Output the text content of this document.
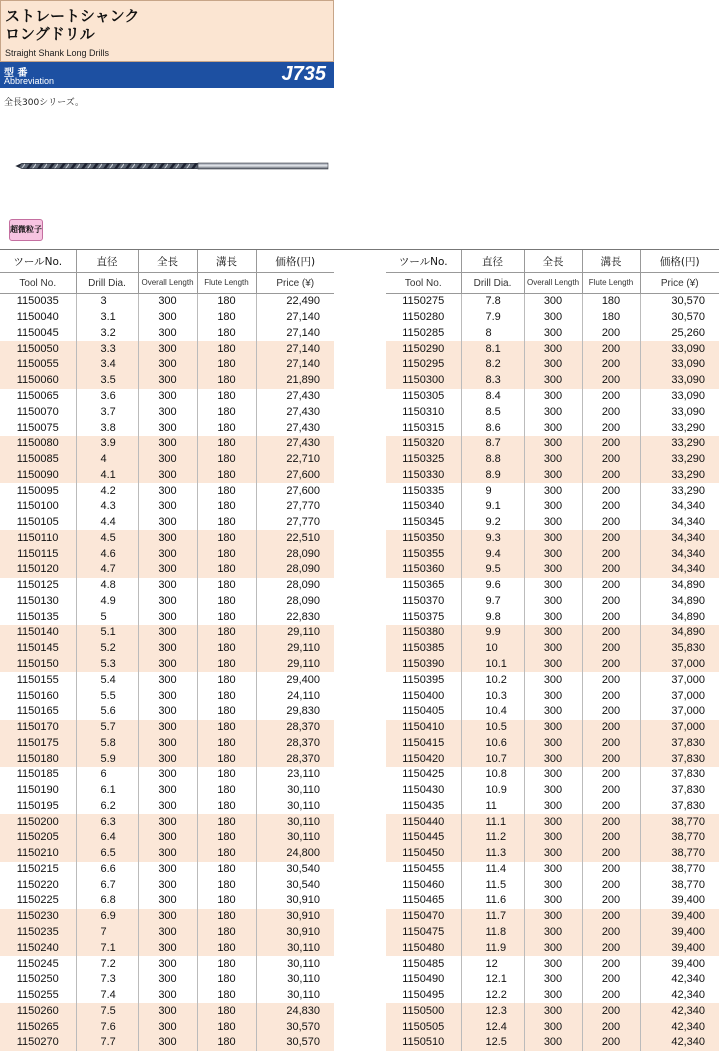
ストレートシャンク
ロングドリル
Straight Shank Long Drills
型 番
Abbreviation	J735
全長300シリーズ。
超微粒子
ツールNo.	直径	全長	溝長	価格(円)
Tool No.	Drill Dia.	Overall Length	Flute Length	Price (¥)
1150035	3	300	180	22,490
1150040	3.1	300	180	27,140
1150045	3.2	300	180	27,140
1150050	3.3	300	180	27,140
1150055	3.4	300	180	27,140
1150060	3.5	300	180	21,890
1150065	3.6	300	180	27,430
1150070	3.7	300	180	27,430
1150075	3.8	300	180	27,430
1150080	3.9	300	180	27,430
1150085	4	300	180	22,710
1150090	4.1	300	180	27,600
1150095	4.2	300	180	27,600
1150100	4.3	300	180	27,770
1150105	4.4	300	180	27,770
1150110	4.5	300	180	22,510
1150115	4.6	300	180	28,090
1150120	4.7	300	180	28,090
1150125	4.8	300	180	28,090
1150130	4.9	300	180	28,090
1150135	5	300	180	22,830
1150140	5.1	300	180	29,110
1150145	5.2	300	180	29,110
1150150	5.3	300	180	29,110
1150155	5.4	300	180	29,400
1150160	5.5	300	180	24,110
1150165	5.6	300	180	29,830
1150170	5.7	300	180	28,370
1150175	5.8	300	180	28,370
1150180	5.9	300	180	28,370
1150185	6	300	180	23,110
1150190	6.1	300	180	30,110
1150195	6.2	300	180	30,110
1150200	6.3	300	180	30,110
1150205	6.4	300	180	30,110
1150210	6.5	300	180	24,800
1150215	6.6	300	180	30,540
1150220	6.7	300	180	30,540
1150225	6.8	300	180	30,910
1150230	6.9	300	180	30,910
1150235	7	300	180	30,910
1150240	7.1	300	180	30,110
1150245	7.2	300	180	30,110
1150250	7.3	300	180	30,110
1150255	7.4	300	180	30,110
1150260	7.5	300	180	24,830
1150265	7.6	300	180	30,570
1150270	7.7	300	180	30,570
ツールNo.	直径	全長	溝長	価格(円)
Tool No.	Drill Dia.	Overall Length	Flute Length	Price (¥)
1150275	7.8	300	180	30,570
1150280	7.9	300	180	30,570
1150285	8	300	200	25,260
1150290	8.1	300	200	33,090
1150295	8.2	300	200	33,090
1150300	8.3	300	200	33,090
1150305	8.4	300	200	33,090
1150310	8.5	300	200	33,090
1150315	8.6	300	200	33,290
1150320	8.7	300	200	33,290
1150325	8.8	300	200	33,290
1150330	8.9	300	200	33,290
1150335	9	300	200	33,290
1150340	9.1	300	200	34,340
1150345	9.2	300	200	34,340
1150350	9.3	300	200	34,340
1150355	9.4	300	200	34,340
1150360	9.5	300	200	34,340
1150365	9.6	300	200	34,890
1150370	9.7	300	200	34,890
1150375	9.8	300	200	34,890
1150380	9.9	300	200	34,890
1150385	10	300	200	35,830
1150390	10.1	300	200	37,000
1150395	10.2	300	200	37,000
1150400	10.3	300	200	37,000
1150405	10.4	300	200	37,000
1150410	10.5	300	200	37,000
1150415	10.6	300	200	37,830
1150420	10.7	300	200	37,830
1150425	10.8	300	200	37,830
1150430	10.9	300	200	37,830
1150435	11	300	200	37,830
1150440	11.1	300	200	38,770
1150445	11.2	300	200	38,770
1150450	11.3	300	200	38,770
1150455	11.4	300	200	38,770
1150460	11.5	300	200	38,770
1150465	11.6	300	200	39,400
1150470	11.7	300	200	39,400
1150475	11.8	300	200	39,400
1150480	11.9	300	200	39,400
1150485	12	300	200	39,400
1150490	12.1	300	200	42,340
1150495	12.2	300	200	42,340
1150500	12.3	300	200	42,340
1150505	12.4	300	200	42,340
1150510	12.5	300	200	42,340
